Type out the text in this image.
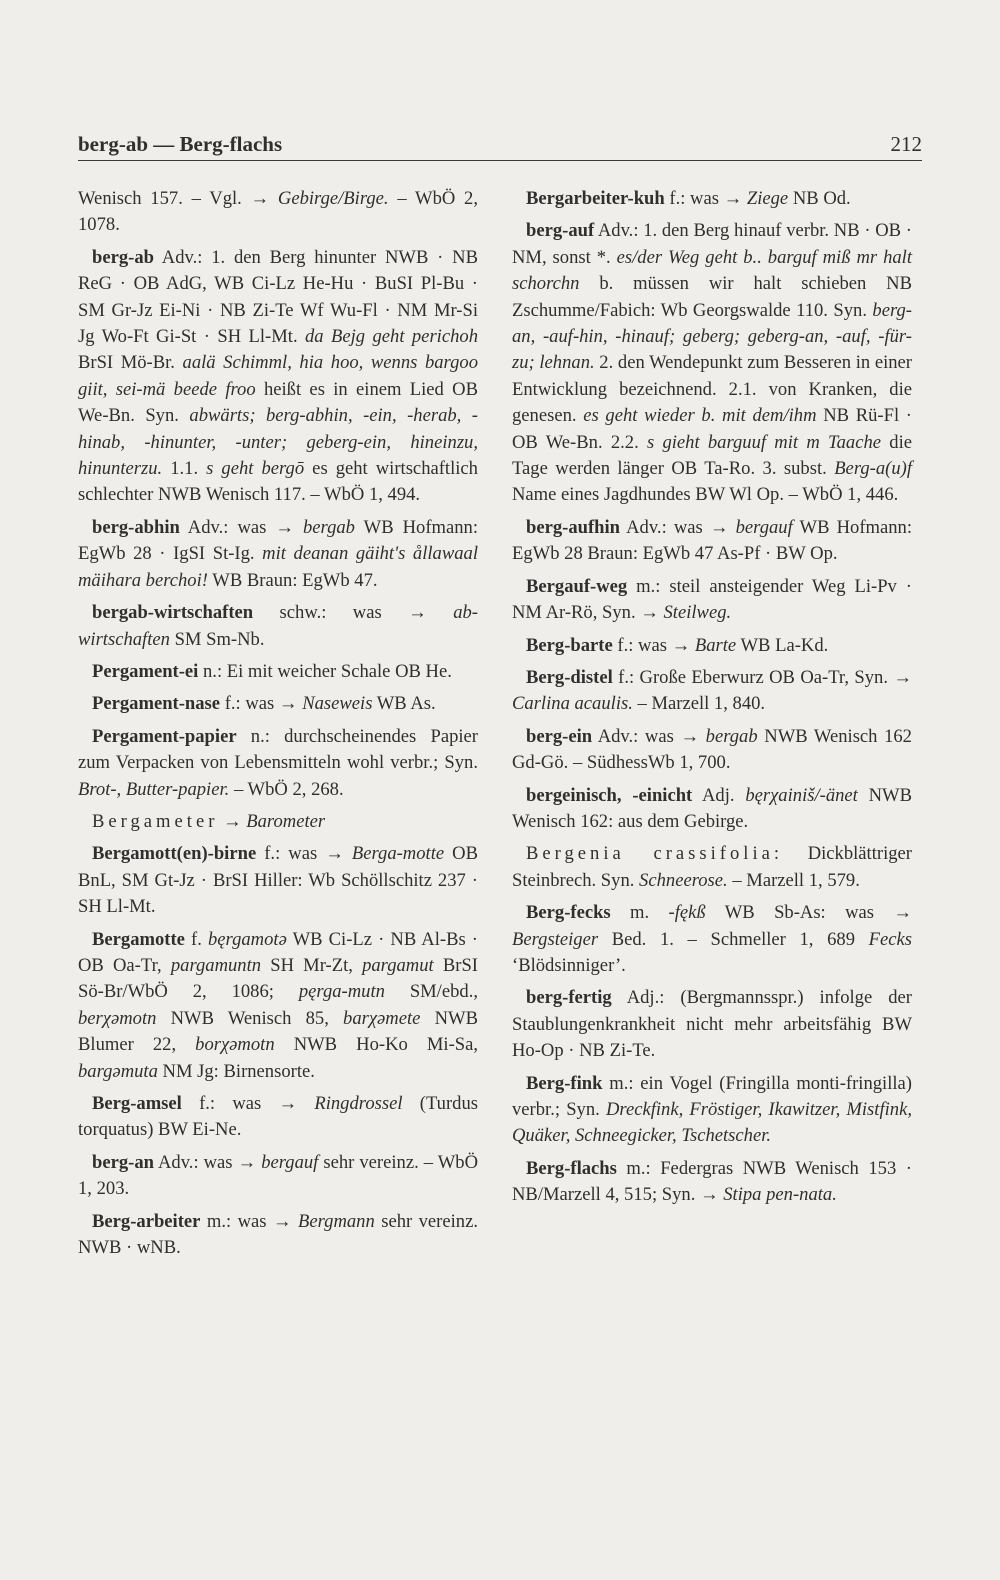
berg-ab — Berg-flachs	212

Wenisch 157. – Vgl. → Gebirge/Birge. – WbÖ 2, 1078.

berg-ab Adv.: 1. den Berg hinunter NWB · NB ReG · OB AdG, WB Ci-Lz He-Hu · BuSI Pl-Bu · SM Gr-Jz Ei-Ni · NB Zi-Te Wf Wu-Fl · NM Mr-Si Jg Wo-Ft Gi-St · SH Ll-Mt. da Bejg geht perichoh BrSI Mö-Br. aalä Schimml, hia hoo, wenns bargoo giit, sei-mä beede froo heißt es in einem Lied OB We-Bn. Syn. abwärts; berg-abhin, -ein, -herab, -hinab, -hinunter, -unter; geberg-ein, hineinzu, hinunterzu. 1.1. s geht bergō es geht wirtschaftlich schlechter NWB Wenisch 117. – WbÖ 1, 494.

berg-abhin Adv.: was → bergab WB Hofmann: EgWb 28 · IgSI St-Ig. mit deanan gäiht's ållawaal mäihara berchoi! WB Braun: EgWb 47.

bergab-wirtschaften schw.: was → ab-wirtschaften SM Sm-Nb.

Pergament-ei n.: Ei mit weicher Schale OB He.

Pergament-nase f.: was → Naseweis WB As.

Pergament-papier n.: durchscheinendes Papier zum Verpacken von Lebensmitteln wohl verbr.; Syn. Brot-, Butter-papier. – WbÖ 2, 268.

Bergameter → Barometer

Bergamott(en)-birne f.: was → Berga-motte OB BnL, SM Gt-Jz · BrSI Hiller: Wb Schöllschitz 237 · SH Ll-Mt.

Bergamotte f. bęrgamotə WB Ci-Lz · NB Al-Bs · OB Oa-Tr, pargamuntn SH Mr-Zt, pargamut BrSI Sö-Br/WbÖ 2, 1086; pęrga-mutn SM/ebd., berχəmotn NWB Wenisch 85, barχəmete NWB Blumer 22, borχəmotn NWB Ho-Ko Mi-Sa, bargəmuta NM Jg: Birnensorte.

Berg-amsel f.: was → Ringdrossel (Turdus torquatus) BW Ei-Ne.

berg-an Adv.: was → bergauf sehr vereinz. – WbÖ 1, 203.

Berg-arbeiter m.: was → Bergmann sehr vereinz. NWB · wNB.

Bergarbeiter-kuh f.: was → Ziege NB Od.

berg-auf Adv.: 1. den Berg hinauf verbr. NB · OB · NM, sonst *. es/der Weg geht b.. barguf miß mr halt schorchn b. müssen wir halt schieben NB Zschumme/Fabich: Wb Georgswalde 110. Syn. berg-an, -auf-hin, -hinauf; geberg; geberg-an, -auf, -für-zu; lehnan. 2. den Wendepunkt zum Besseren in einer Entwicklung bezeichnend. 2.1. von Kranken, die genesen. es geht wieder b. mit dem/ihm NB Rü-Fl · OB We-Bn. 2.2. s gieht barguuf mit m Taache die Tage werden länger OB Ta-Ro. 3. subst. Berg-a(u)f Name eines Jagdhundes BW Wl Op. – WbÖ 1, 446.

berg-aufhin Adv.: was → bergauf WB Hofmann: EgWb 28 Braun: EgWb 47 As-Pf · BW Op.

Bergauf-weg m.: steil ansteigender Weg Li-Pv · NM Ar-Rö, Syn. → Steilweg.

Berg-barte f.: was → Barte WB La-Kd.

Berg-distel f.: Große Eberwurz OB Oa-Tr, Syn. → Carlina acaulis. – Marzell 1, 840.

berg-ein Adv.: was → bergab NWB Wenisch 162 Gd-Gö. – SüdhessWb 1, 700.

bergeinisch, -einicht Adj. bęrχainiš/-änet NWB Wenisch 162: aus dem Gebirge.

Bergenia crassifolia: Dickblättriger Steinbrech. Syn. Schneerose. – Marzell 1, 579.

Berg-fecks m. -fękß WB Sb-As: was → Bergsteiger Bed. 1. – Schmeller 1, 689 Fecks ‘Blödsinniger’.

berg-fertig Adj.: (Bergmannsspr.) infolge der Staublungenkrankheit nicht mehr arbeitsfähig BW Ho-Op · NB Zi-Te.

Berg-fink m.: ein Vogel (Fringilla monti-fringilla) verbr.; Syn. Dreckfink, Fröstiger, Ikawitzer, Mistfink, Quäker, Schneegicker, Tschetscher.

Berg-flachs m.: Federgras NWB Wenisch 153 · NB/Marzell 4, 515; Syn. → Stipa pen-nata.
